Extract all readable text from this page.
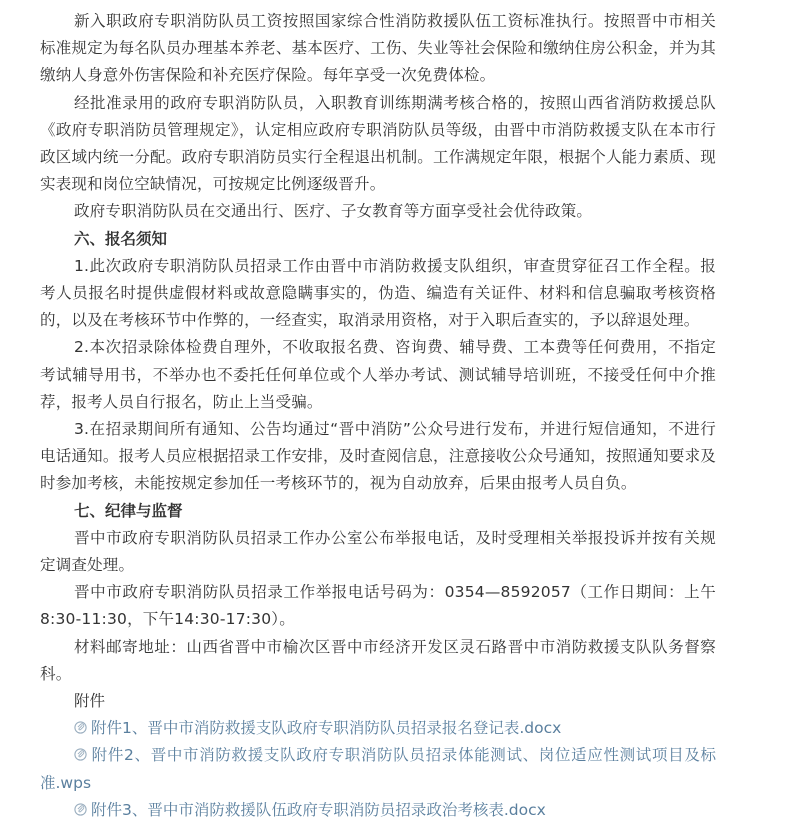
新入职政府专职消防队员工资按照国家综合性消防救援队伍工资标准执行。按照晋中市相关标准规定为每名队员办理基本养老、基本医疗、工伤、失业等社会保险和缴纳住房公积金，并为其缴纳人身意外伤害保险和补充医疗保险。每年享受一次免费体检。

经批准录用的政府专职消防队员，入职教育训练期满考核合格的，按照山西省消防救援总队《政府专职消防员管理规定》，认定相应政府专职消防队员等级，由晋中市消防救援支队在本市行政区域内统一分配。政府专职消防员实行全程退出机制。工作满规定年限，根据个人能力素质、现实表现和岗位空缺情况，可按规定比例逐级晋升。

政府专职消防队员在交通出行、医疗、子女教育等方面享受社会优待政策。

六、报名须知

1.此次政府专职消防队员招录工作由晋中市消防救援支队组织，审查贯穿征召工作全程。报考人员报名时提供虚假材料或故意隐瞒事实的，伪造、编造有关证件、材料和信息骗取考核资格的，以及在考核环节中作弊的，一经查实，取消录用资格，对于入职后查实的，予以辞退处理。

2.本次招录除体检费自理外，不收取报名费、咨询费、辅导费、工本费等任何费用，不指定考试辅导用书，不举办也不委托任何单位或个人举办考试、测试辅导培训班，不接受任何中介推荐，报考人员自行报名，防止上当受骗。

3.在招录期间所有通知、公告均通过“晋中消防”公众号进行发布，并进行短信通知，不进行电话通知。报考人员应根据招录工作安排，及时查阅信息，注意接收公众号通知，按照通知要求及时参加考核，未能按规定参加任一考核环节的，视为自动放弃，后果由报考人员自负。

七、纪律与监督

晋中市政府专职消防队员招录工作办公室公布举报电话，及时受理相关举报投诉并按有关规定调查处理。

晋中市政府专职消防队员招录工作举报电话号码为：0354—8592057（工作日期间：上午8:30-11:30，下午14:30-17:30）。

材料邮寄地址：山西省晋中市榆次区晋中市经济开发区灵石路晋中市消防救援支队队务督察科。

附件

附件1、晋中市消防救援支队政府专职消防队员招录报名登记表.docx

附件2、晋中市消防救援支队政府专职消防队员招录体能测试、岗位适应性测试项目及标准.wps

附件3、晋中市消防救援队伍政府专职消防员招录政治考核表.docx
